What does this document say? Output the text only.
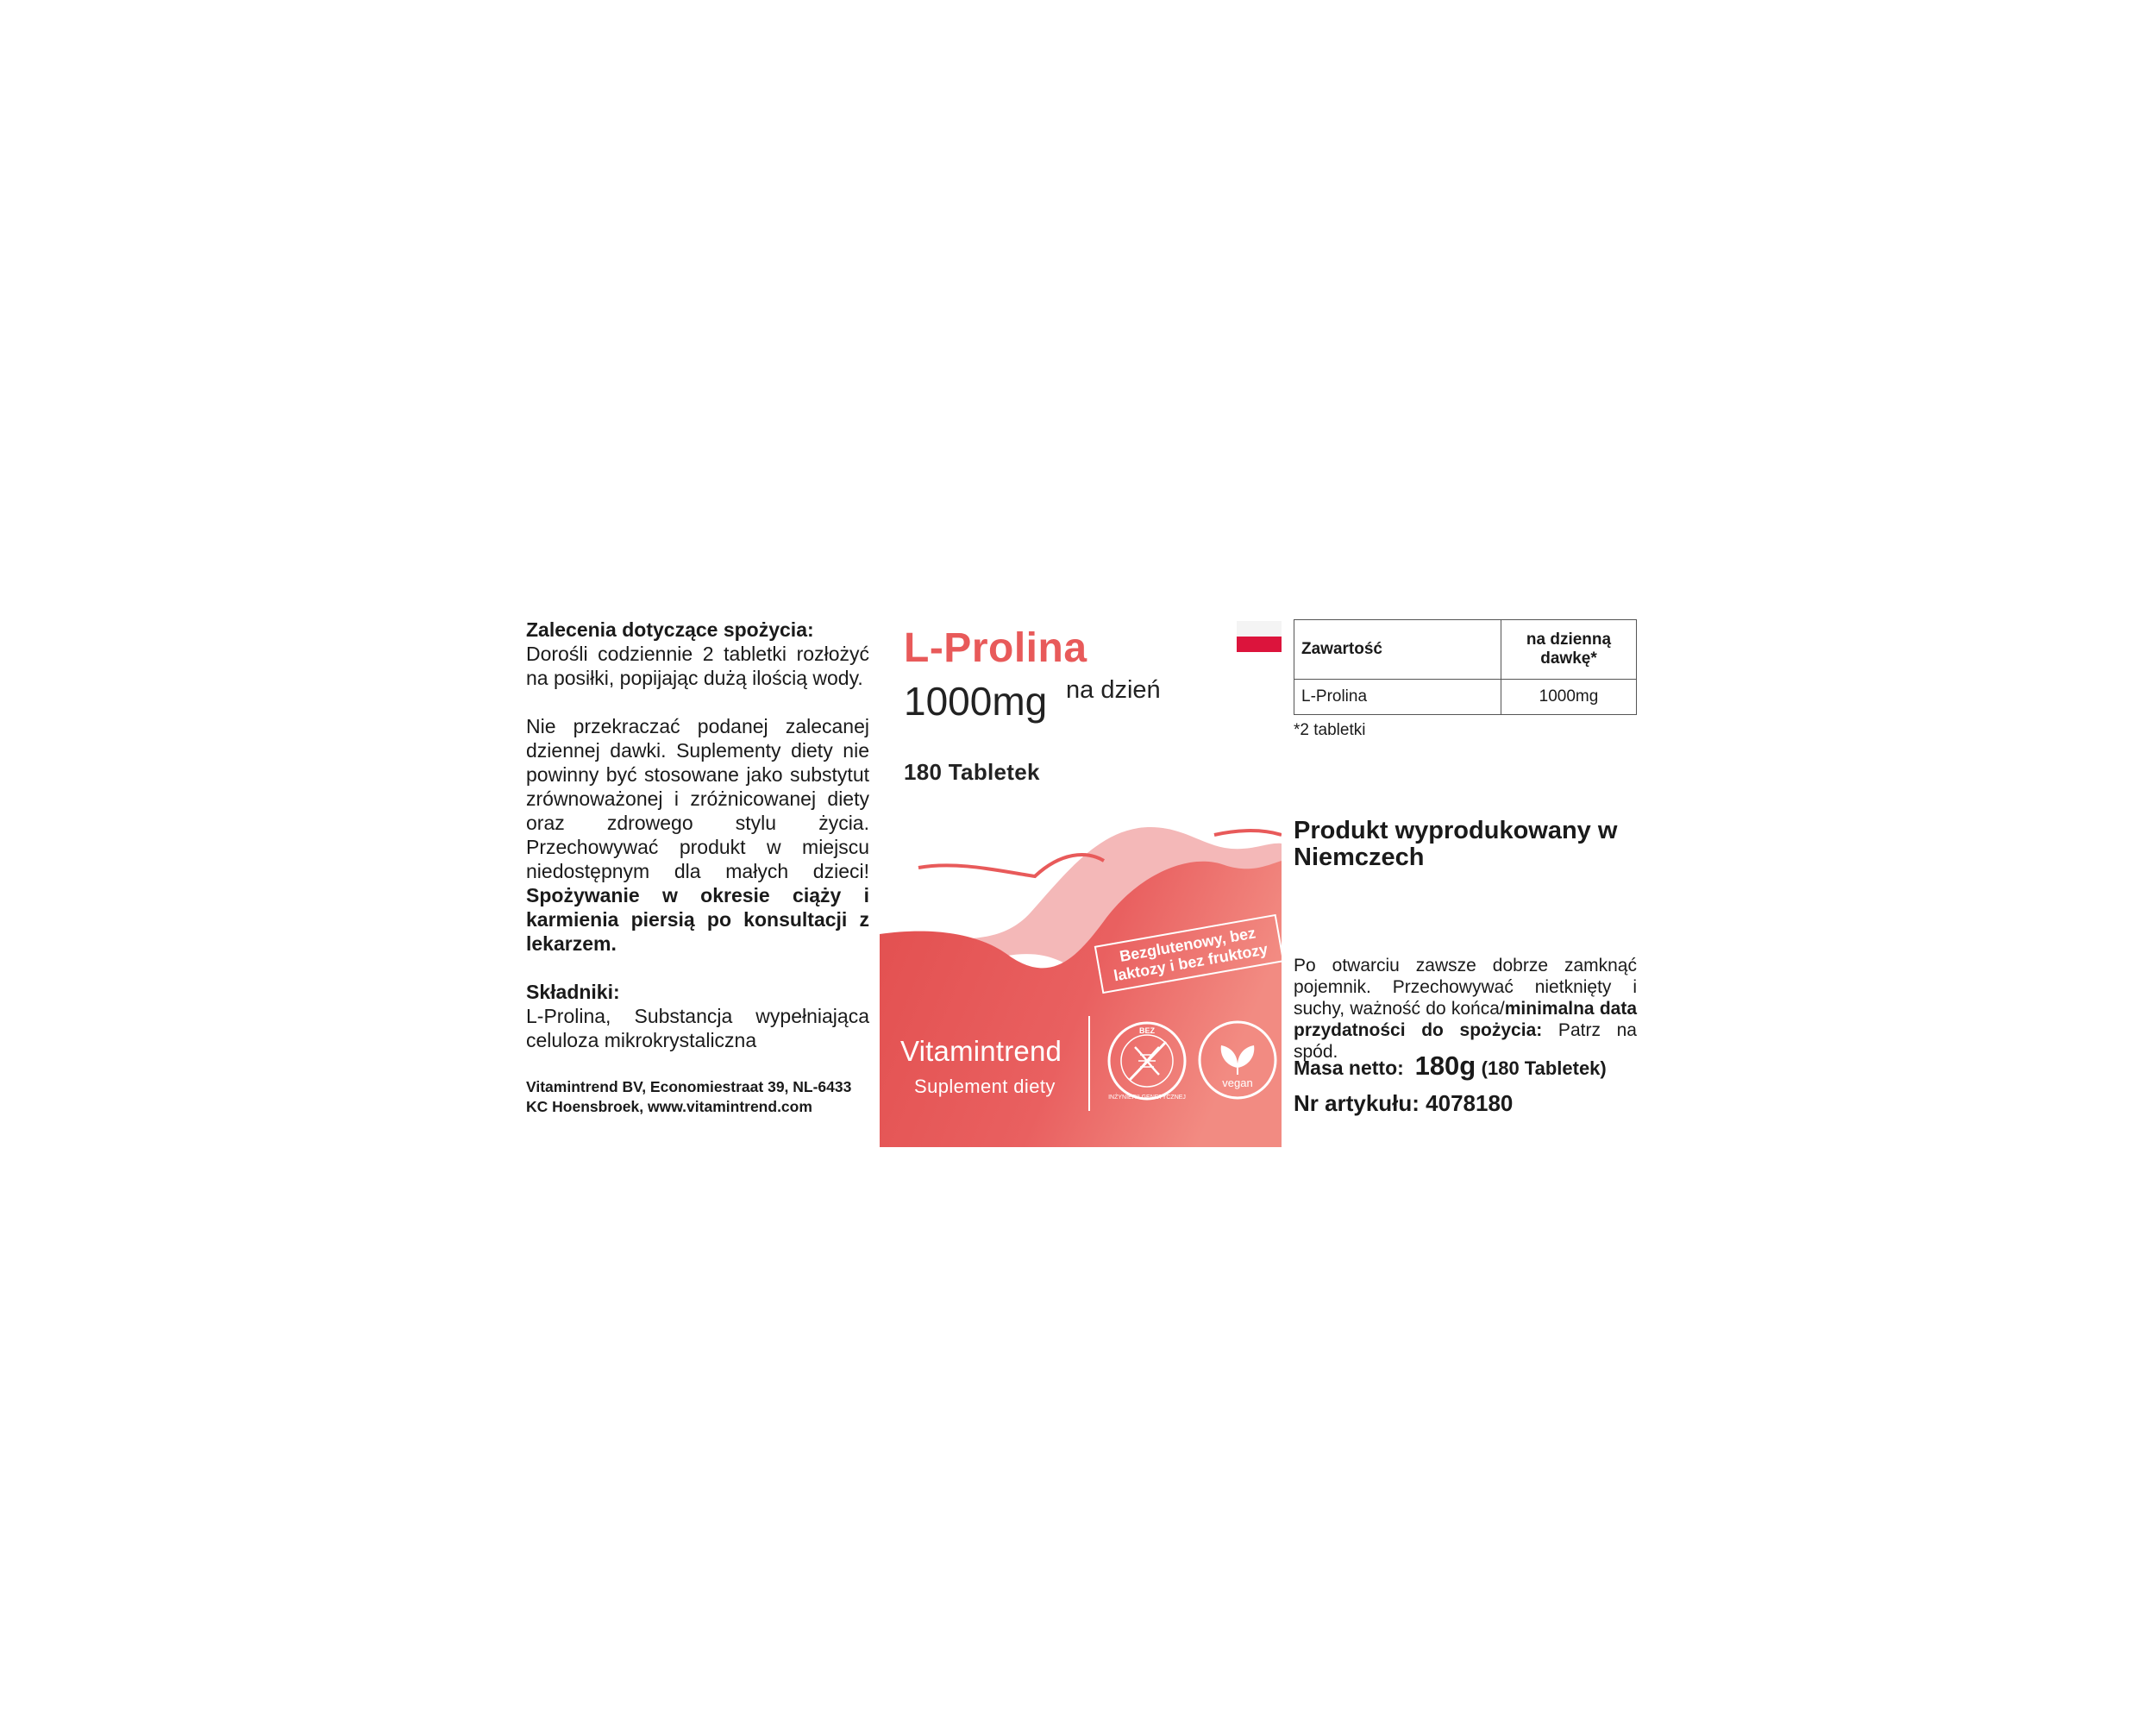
Zalecenia dotyczące spożycia:

Dorośli codziennie 2 tabletki rozłożyć na posiłki, popijając dużą ilością wody.

Nie przekraczać podanej zalecanej dziennej dawki. Suplementy diety nie powinny być stosowane jako substytut zrównoważonej i zróżnicowanej diety oraz zdrowego stylu życia. Przechowywać produkt w miejscu niedostępnym dla małych dzieci! Spożywanie w okresie ciąży i karmienia piersią po konsultacji z lekarzem.

Składniki:

L-Prolina, Substancja wypełniająca celuloza mikrokrystaliczna

Vitamintrend BV, Economiestraat 39, NL-6433
KC Hoensbroek, www.vitamintrend.com
L-Prolina
1000mg na dzień
180 Tabletek
Bezglutenowy, bez laktozy i bez fruktozy
Vitamintrend
Suplement diety
BEZ
INŻYNIERII GENETYCZNEJ
vegan
Zawartość	na dzienną dawkę*
L-Prolina	1000mg
*2 tabletki
Produkt wyprodukowany w Niemczech
Po otwarciu zawsze dobrze zamknąć pojemnik. Przechowywać nietknięty i suchy, ważność do końca/minimalna data przydatności do spożycia: Patrz na spód.
Masa netto: 180g (180 Tabletek)
Nr artykułu: 4078180
